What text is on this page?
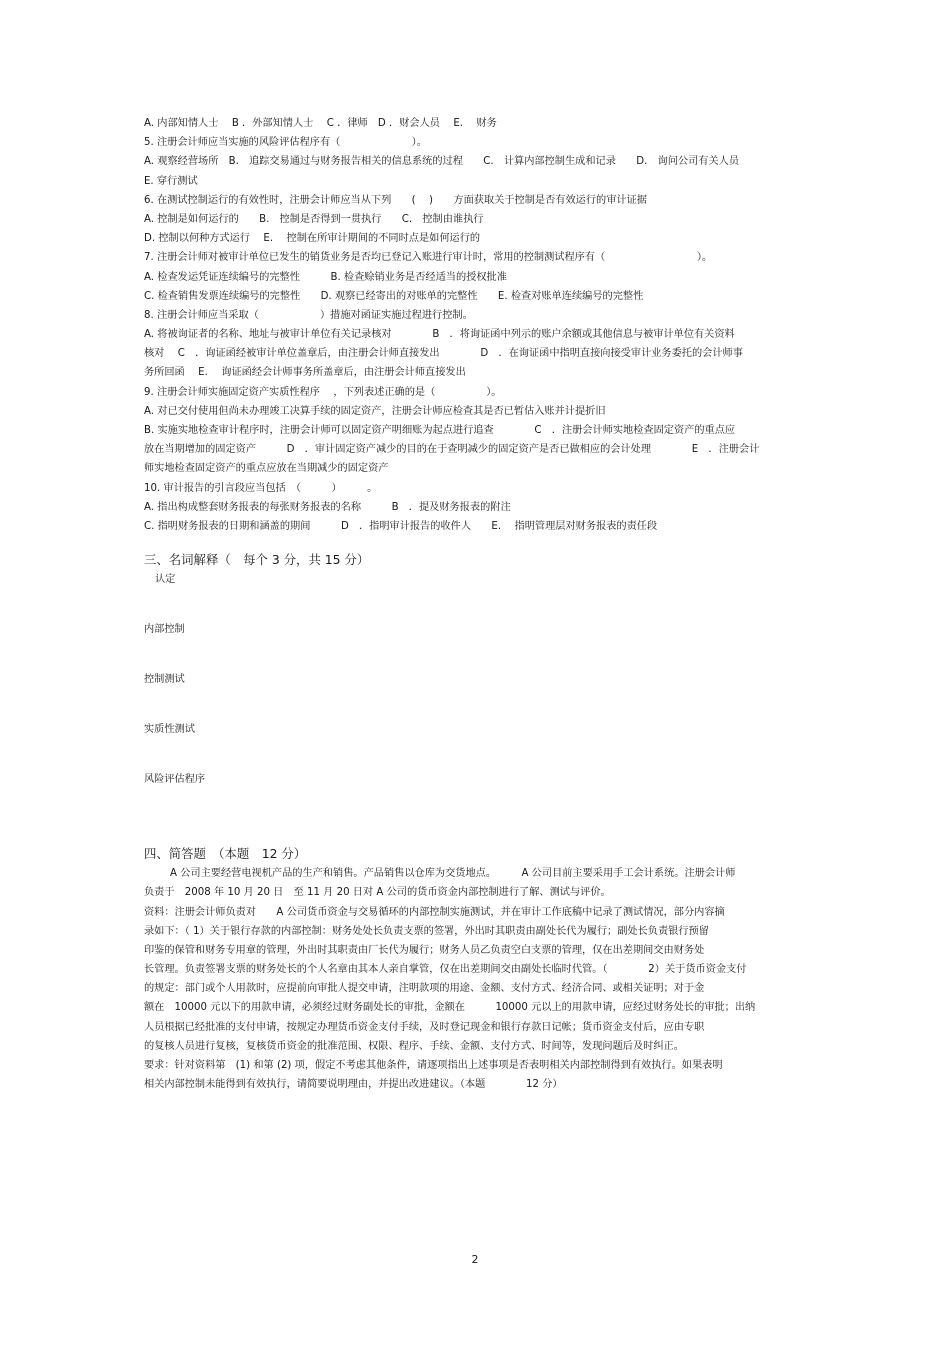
A. 内部知情人士　 B ．外部知情人士　 C ．律师　D ．财会人员　 E.　 财务
5. 注册会计师应当实施的风险评估程序有（　　　　　　　）。
A. 观察经营场所　B.　追踪交易通过与财务报告相关的信息系统的过程　　C.　计算内部控制生成和记录　　D.　询问公司有关人员
E. 穿行测试
6. 在测试控制运行的有效性时，注册会计师应当从下列　　(　 )　　方面获取关于控制是否有效运行的审计证据
A. 控制是如何运行的　　B.　控制是否得到一贯执行　　C.　控制由谁执行
D. 控制以何种方式运行　 E.　 控制在所审计期间的不同时点是如何运行的
7. 注册会计师对被审计单位已发生的销货业务是否均已登记入账进行审计时，常用的控制测试程序有（　　　　　　　　　）。
A. 检查发运凭证连续编号的完整性　　　B. 检查赊销业务是否经适当的授权批准
C. 检查销售发票连续编号的完整性　　D. 观察已经寄出的对账单的完整性　　E. 检查对账单连续编号的完整性
8. 注册会计师应当采取（　　　　　　）措施对函证实施过程进行控制。
A. 将被询证者的名称、地址与被审计单位有关记录核对　　　　B　．将询证函中列示的账户余额或其他信息与被审计单位有关资料
核对　 C　．询证函经被审计单位盖章后，由注册会计师直接发出　　　　D　．在询证函中指明直接向接受审计业务委托的会计师事
务所回函　 E.　 询证函经会计师事务所盖章后，由注册会计师直接发出
9. 注册会计师实施固定资产实质性程序　 ，下列表述正确的是（　　　　　）。
A. 对已交付使用但尚未办理竣工决算手续的固定资产，注册会计师应检查其是否已暂估入账并计提折旧
B. 实施实地检查审计程序时，注册会计师可以固定资产明细账为起点进行追查　　　　C　．注册会计师实地检查固定资产的重点应
放在当期增加的固定资产　　　D　．审计固定资产减少的目的在于查明减少的固定资产是否已做相应的会计处理　　　　E　．注册会计
师实地检查固定资产的重点应放在当期减少的固定资产
10. 审计报告的引言段应当包括　（　　　）　　　。
A. 指出构成整套财务报表的每张财务报表的名称　　　B　．提及财务报表的附注
C. 指明财务报表的日期和涵盖的期间　　　D　．指明审计报告的收件人　　E.　 指明管理层对财务报表的责任段
三、名词解释（　每个 3 分，共 15 分）
认定
内部控制
控制测试
实质性测试
风险评估程序
四、简答题　（本题　12 分）
A 公司主要经营电视机产品的生产和销售。产品销售以仓库为交货地点。　　　A 公司目前主要采用手工会计系统。注册会计师
负责于　2008 年 10 月 20 日　至 11 月 20 日对 A 公司的货币资金内部控制进行了解、测试与评价。
资料：注册会计师负责对　　A 公司货币资金与交易循环的内部控制实施测试，并在审计工作底稿中记录了测试情况，部分内容摘
录如下：（ 1）关于银行存款的内部控制：财务处处长负责支票的签署，外出时其职责由副处长代为履行；副处长负责银行预留
印鉴的保管和财务专用章的管理，外出时其职责由厂长代为履行；财务人员乙负责空白支票的管理，仅在出差期间交由财务处
长管理。负责签署支票的财务处长的个人名章由其本人亲自掌管，仅在出差期间交由副处长临时代管。（　　　　2）关于货币资金支付
的规定：部门或个人用款时，应提前向审批人提交申请，注明款项的用途、金额、支付方式、经济合同、或相关证明；对于金
额在　10000 元以下的用款申请，必须经过财务副处长的审批，金额在　　　10000 元以上的用款申请，应经过财务处长的审批；出纳
人员根据已经批准的支付申请，按规定办理货币资金支付手续，及时登记现金和银行存款日记帐；货币资金支付后，应由专职
的复核人员进行复核，复核货币资金的批准范围、权限、程序、手续、金额、支付方式、时间等，发现问题后及时纠正。
要求：针对资料第　(1) 和第 (2) 项，假定不考虑其他条件，请逐项指出上述事项是否表明相关内部控制得到有效执行。如果表明
相关内部控制未能得到有效执行，请简要说明理由，并提出改进建议。（本题　　　　12 分）
2
